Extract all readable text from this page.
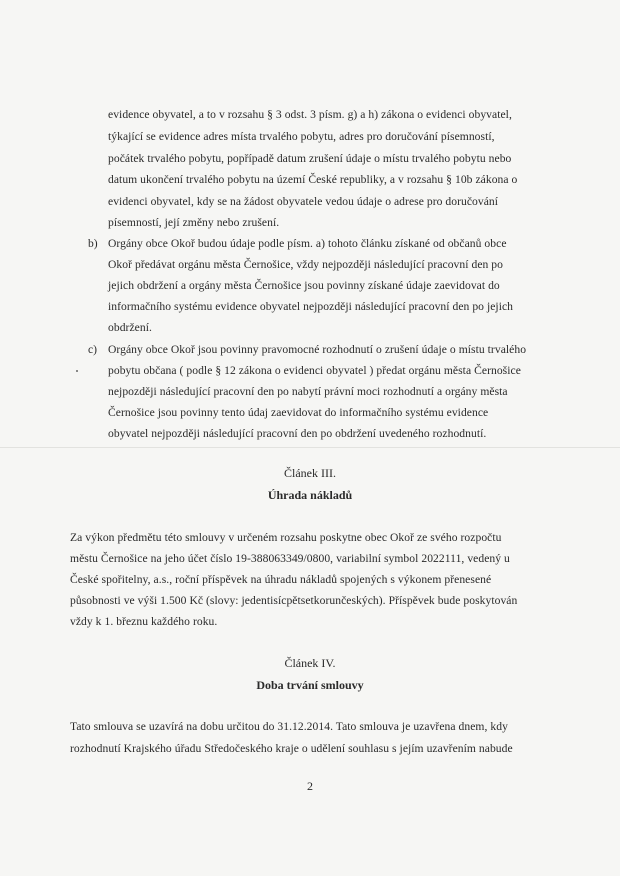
evidence obyvatel, a to v rozsahu § 3 odst. 3 písm. g) a h) zákona o evidenci obyvatel,
týkající se evidence adres místa trvalého pobytu, adres pro doručování písemností,
počátek trvalého pobytu, popřípadě datum zrušení údaje o místu trvalého pobytu nebo
datum ukončení trvalého pobytu na území České republiky, a v rozsahu § 10b zákona o
evidenci obyvatel, kdy se na žádost obyvatele vedou údaje o adrese pro doručování
písemností, její změny nebo zrušení.
b) Orgány obce Okoř budou údaje podle písm. a) tohoto článku získané od občanů obce
Okoř předávat orgánu města Černošice, vždy nejpozději následující pracovní den po
jejich obdržení a orgány města Černošice jsou povinny získané údaje zaevidovat do
informačního systému evidence obyvatel nejpozději následující pracovní den po jejich
obdržení.
c) Orgány obce Okoř jsou povinny pravomocné rozhodnutí o zrušení údaje o místu trvalého
pobytu občana ( podle § 12 zákona o evidenci obyvatel ) předat orgánu města Černošice
nejpozději následující pracovní den po nabytí právní moci rozhodnutí a orgány města
Černošice jsou povinny tento údaj zaevidovat do informačního systému evidence
obyvatel nejpozději následující pracovní den po obdržení uvedeného rozhodnutí.
Článek III.
Úhrada nákladů
Za výkon předmětu této smlouvy v určeném rozsahu poskytne obec Okoř ze svého rozpočtu
městu Černošice na jeho účet číslo 19-388063349/0800, variabilní symbol 2022111, vedený u
České spořitelny, a.s., roční příspěvek na úhradu nákladů spojených s výkonem přenesené
působnosti ve výši 1.500 Kč (slovy: jedentisícpětsetkorunčeských). Příspěvek bude poskytován
vždy k 1. březnu každého roku.
Článek IV.
Doba trvání smlouvy
Tato smlouva se uzavírá na dobu určitou do 31.12.2014. Tato smlouva je uzavřena dnem, kdy
rozhodnutí Krajského úřadu Středočeského kraje o udělení souhlasu s jejím uzavřením nabude
2
